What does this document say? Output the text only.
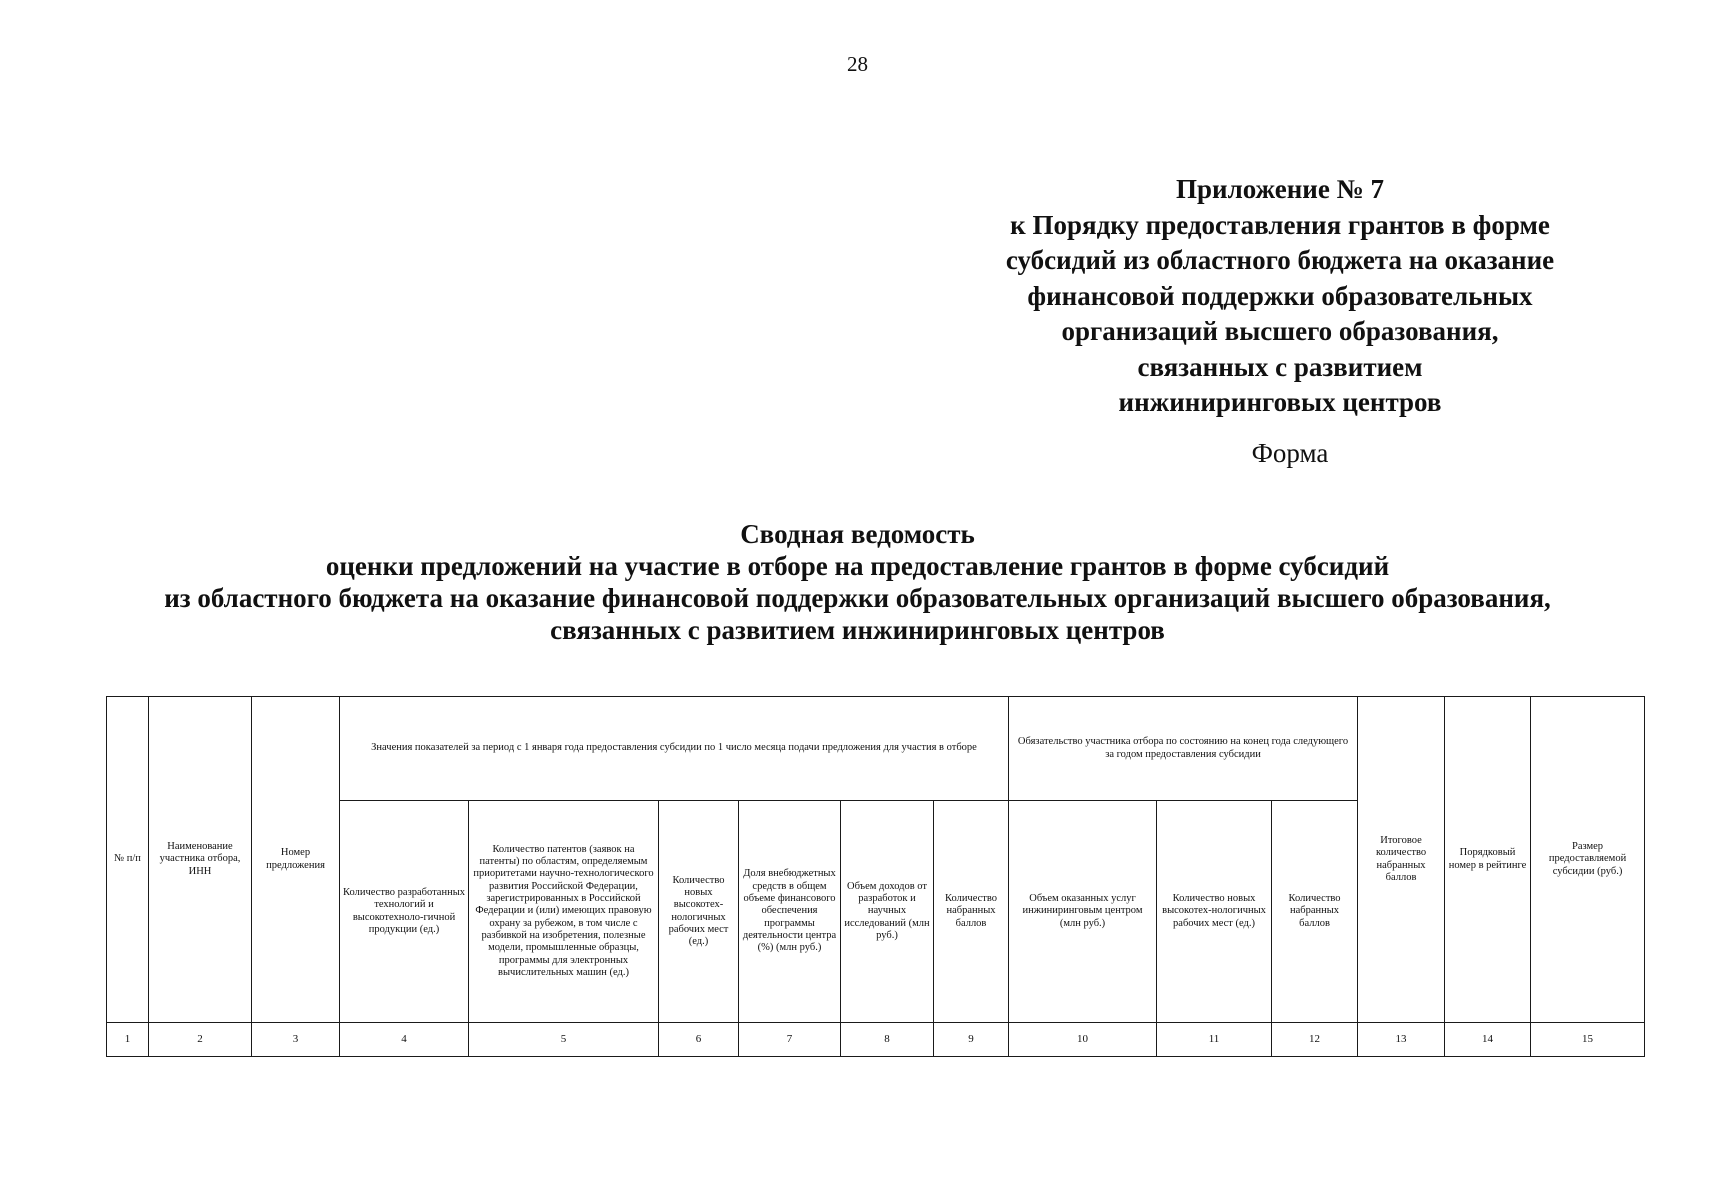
28
Приложение № 7
к Порядку предоставления грантов в форме
субсидий из областного бюджета на оказание
финансовой поддержки образовательных
организаций высшего образования,
связанных с развитием
инжиниринговых центров
Форма
Сводная ведомость
оценки предложений на участие в отборе на предоставление грантов в форме субсидий
из областного бюджета на оказание финансовой поддержки образовательных организаций высшего образования,
связанных с развитием инжиниринговых центров
№ п/п	Наименование участника отбора, ИНН	Номер предложения	Значения показателей за период с 1 января года предоставления субсидии по 1 число месяца подачи предложения для участия в отборе						Обязательство участника отбора по состоянию на конец года следующего за годом предоставления субсидии			Итоговое количество набранных баллов	Порядковый номер в рейтинге	Размер предоставляемой субсидии (руб.)
			Количество разработанных технологий и высокотехноло-гичной продукции (ед.)	Количество патентов (заявок на патенты) по областям, определяемым приоритетами научно-технологического развития Российской Федерации, зарегистрированных в Российской Федерации и (или) имеющих правовую охрану за рубежом, в том числе с разбивкой на изобретения, полезные модели, промышленные образцы, программы для электронных вычислительных машин (ед.)	Количество новых высокотех-нологичных рабочих мест (ед.)	Доля внебюджетных средств в общем объеме финансового обеспечения программы деятельности центра (%) (млн руб.)	Объем доходов от разработок и научных исследований (млн руб.)	Количество набранных баллов	Объем оказанных услуг инжиниринговым центром (млн руб.)	Количество новых высокотех-нологичных рабочих мест (ед.)	Количество набранных баллов			
1	2	3	4	5	6	7	8	9	10	11	12	13	14	15
